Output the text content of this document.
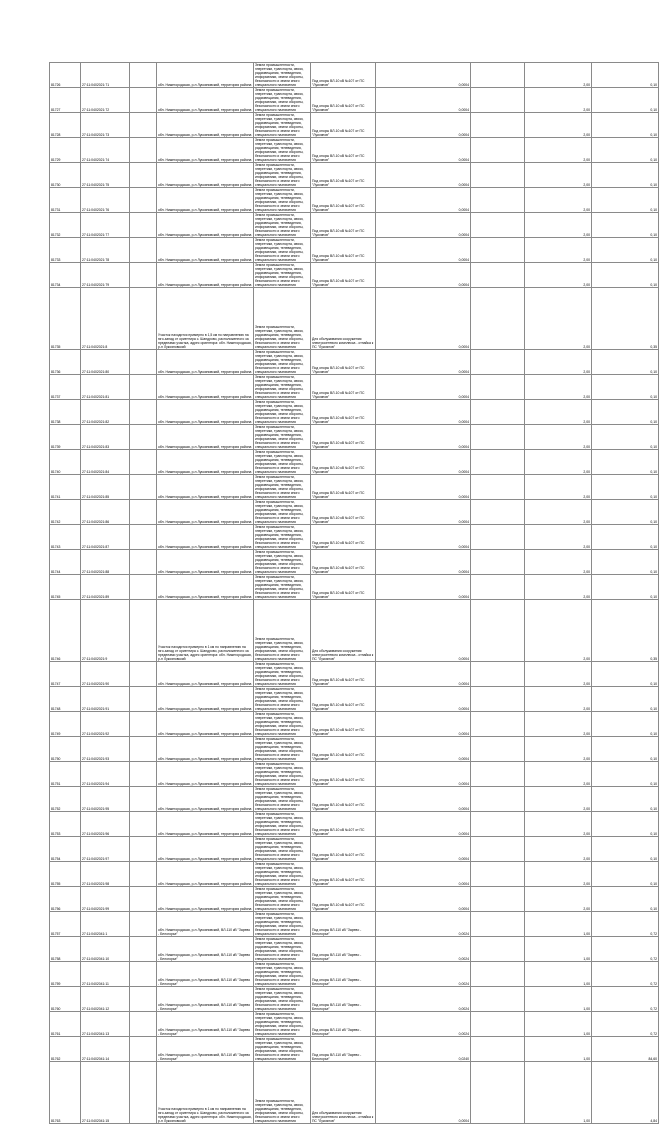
81726	27:11:0402021:71		обл. Нижегородская, р-н Лукояновский, территория района	Земли промышленности, энергетики, транспорта, связи, радиовещания, телевидения, информатики, земли обороны, безопасности и земли иного специального назначения	Под опоры ВЛ-10 кВ №107 от ПС "Лукоянов"	0,0004		2,00	0,10
81727	27:11:0402021:72		обл. Нижегородская, р-н Лукояновский, территория района	Земли промышленности, энергетики, транспорта, связи, радиовещания, телевидения, информатики, земли обороны, безопасности и земли иного специального назначения	Под опоры ВЛ-10 кВ №107 от ПС "Лукоянов"	0,0004		2,00	0,10
81728	27:11:0402021:73		обл. Нижегородская, р-н Лукояновский, территория района	Земли промышленности, энергетики, транспорта, связи, радиовещания, телевидения, информатики, земли обороны, безопасности и земли иного специального назначения	Под опоры ВЛ-10 кВ №107 от ПС "Лукоянов"	0,0004		2,00	0,10
81729	27:11:0402021:74		обл. Нижегородская, р-н Лукояновский, территория района	Земли промышленности, энергетики, транспорта, связи, радиовещания, телевидения, информатики, земли обороны, безопасности и земли иного специального назначения	Под опоры ВЛ-10 кВ №107 от ПС "Лукоянов"	0,0004		2,00	0,10
81730	27:11:0402021:75		обл. Нижегородская, р-н Лукояновский, территория района	Земли промышленности, энергетики, транспорта, связи, радиовещания, телевидения, информатики, земли обороны, безопасности и земли иного специального назначения	Под опоры ВЛ-10 кВ №107 от ПС "Лукоянов"	0,0004		2,00	0,10
81731	27:11:0402021:76		обл. Нижегородская, р-н Лукояновский, территория района	Земли промышленности, энергетики, транспорта, связи, радиовещания, телевидения, информатики, земли обороны, безопасности и земли иного специального назначения	Под опоры ВЛ-10 кВ №107 от ПС "Лукоянов"	0,0004		2,00	0,10
81732	27:11:0402021:77		обл. Нижегородская, р-н Лукояновский, территория района	Земли промышленности, энергетики, транспорта, связи, радиовещания, телевидения, информатики, земли обороны, безопасности и земли иного специального назначения	Под опоры ВЛ-10 кВ №107 от ПС "Лукоянов"	0,0004		2,00	0,10
81733	27:11:0402021:78		обл. Нижегородская, р-н Лукояновский, территория района	Земли промышленности, энергетики, транспорта, связи, радиовещания, телевидения, информатики, земли обороны, безопасности и земли иного специального назначения	Под опоры ВЛ-10 кВ №107 от ПС "Лукоянов"	0,0004		2,00	0,10
81734	27:11:0402021:79		обл. Нижегородская, р-н Лукояновский, территория района	Земли промышленности, энергетики, транспорта, связи, радиовещания, телевидения, информатики, земли обороны, безопасности и земли иного специального назначения	Под опоры ВЛ-10 кВ №107 от ПС "Лукоянов"	0,0004		2,00	0,10
81735	27:11:0402021:8		Участок находится примерно в 1,5 км по направлению на юго-запад от ориентира с. Шандрово, расположенного за пределами участка, адрес ориентира: обл. Нижегородская, р-н Лукояновский	Земли промышленности, энергетики, транспорта, связи, радиовещания, телевидения, информатики, земли обороны, безопасности и земли иного специального назначения	Для обслуживания сооружения электросетевого комплекса - отпайка к ПС "Лукоянов"	0,0004		2,00	0,35
81736	27:11:0402021:80		обл. Нижегородская, р-н Лукояновский, территория района	Земли промышленности, энергетики, транспорта, связи, радиовещания, телевидения, информатики, земли обороны, безопасности и земли иного специального назначения	Под опоры ВЛ-10 кВ №107 от ПС "Лукоянов"	0,0004		2,00	0,10
81737	27:11:0402021:81		обл. Нижегородская, р-н Лукояновский, территория района	Земли промышленности, энергетики, транспорта, связи, радиовещания, телевидения, информатики, земли обороны, безопасности и земли иного специального назначения	Под опоры ВЛ-10 кВ №107 от ПС "Лукоянов"	0,0004		2,00	0,10
81738	27:11:0402021:82		обл. Нижегородская, р-н Лукояновский, территория района	Земли промышленности, энергетики, транспорта, связи, радиовещания, телевидения, информатики, земли обороны, безопасности и земли иного специального назначения	Под опоры ВЛ-10 кВ №107 от ПС "Лукоянов"	0,0004		2,00	0,10
81739	27:11:0402021:83		обл. Нижегородская, р-н Лукояновский, территория района	Земли промышленности, энергетики, транспорта, связи, радиовещания, телевидения, информатики, земли обороны, безопасности и земли иного специального назначения	Под опоры ВЛ-10 кВ №107 от ПС "Лукоянов"	0,0004		2,00	0,10
81740	27:11:0402021:84		обл. Нижегородская, р-н Лукояновский, территория района	Земли промышленности, энергетики, транспорта, связи, радиовещания, телевидения, информатики, земли обороны, безопасности и земли иного специального назначения	Под опоры ВЛ-10 кВ №107 от ПС "Лукоянов"	0,0004		2,00	0,10
81741	27:11:0402021:85		обл. Нижегородская, р-н Лукояновский, территория района	Земли промышленности, энергетики, транспорта, связи, радиовещания, телевидения, информатики, земли обороны, безопасности и земли иного специального назначения	Под опоры ВЛ-10 кВ №107 от ПС "Лукоянов"	0,0004		2,00	0,10
81742	27:11:0402021:86		обл. Нижегородская, р-н Лукояновский, территория района	Земли промышленности, энергетики, транспорта, связи, радиовещания, телевидения, информатики, земли обороны, безопасности и земли иного специального назначения	Под опоры ВЛ-10 кВ №107 от ПС "Лукоянов"	0,0004		2,00	0,10
81743	27:11:0402021:87		обл. Нижегородская, р-н Лукояновский, территория района	Земли промышленности, энергетики, транспорта, связи, радиовещания, телевидения, информатики, земли обороны, безопасности и земли иного специального назначения	Под опоры ВЛ-10 кВ №107 от ПС "Лукоянов"	0,0004		2,00	0,10
81744	27:11:0402021:88		обл. Нижегородская, р-н Лукояновский, территория района	Земли промышленности, энергетики, транспорта, связи, радиовещания, телевидения, информатики, земли обороны, безопасности и земли иного специального назначения	Под опоры ВЛ-10 кВ №107 от ПС "Лукоянов"	0,0004		2,00	0,10
81745	27:11:0402021:89		обл. Нижегородская, р-н Лукояновский, территория района	Земли промышленности, энергетики, транспорта, связи, радиовещания, телевидения, информатики, земли обороны, безопасности и земли иного специального назначения	Под опоры ВЛ-10 кВ №107 от ПС "Лукоянов"	0,0004		2,00	0,10
81746	27:11:0402021:9		Участок находится примерно в 1 км по направлению на юго-запад от ориентира с. Шандрово, расположенного за пределами участка, адрес ориентира: обл. Нижегородская, р-н Лукояновский	Земли промышленности, энергетики, транспорта, связи, радиовещания, телевидения, информатики, земли обороны, безопасности и земли иного специального назначения	Для обслуживания сооружения электросетевого комплекса - отпайка к ПС "Лукоянов"	0,0004		2,00	0,35
81747	27:11:0402021:90		обл. Нижегородская, р-н Лукояновский, территория района	Земли промышленности, энергетики, транспорта, связи, радиовещания, телевидения, информатики, земли обороны, безопасности и земли иного специального назначения	Под опоры ВЛ-10 кВ №107 от ПС "Лукоянов"	0,0004		2,00	0,10
81748	27:11:0402021:91		обл. Нижегородская, р-н Лукояновский, территория района	Земли промышленности, энергетики, транспорта, связи, радиовещания, телевидения, информатики, земли обороны, безопасности и земли иного специального назначения	Под опоры ВЛ-10 кВ №107 от ПС "Лукоянов"	0,0004		2,00	0,10
81749	27:11:0402021:92		обл. Нижегородская, р-н Лукояновский, территория района	Земли промышленности, энергетики, транспорта, связи, радиовещания, телевидения, информатики, земли обороны, безопасности и земли иного специального назначения	Под опоры ВЛ-10 кВ №107 от ПС "Лукоянов"	0,0004		2,00	0,10
81750	27:11:0402021:93		обл. Нижегородская, р-н Лукояновский, территория района	Земли промышленности, энергетики, транспорта, связи, радиовещания, телевидения, информатики, земли обороны, безопасности и земли иного специального назначения	Под опоры ВЛ-10 кВ №107 от ПС "Лукоянов"	0,0004		2,00	0,10
81751	27:11:0402021:94		обл. Нижегородская, р-н Лукояновский, территория района	Земли промышленности, энергетики, транспорта, связи, радиовещания, телевидения, информатики, земли обороны, безопасности и земли иного специального назначения	Под опоры ВЛ-10 кВ №107 от ПС "Лукоянов"	0,0004		2,00	0,10
81752	27:11:0402021:95		обл. Нижегородская, р-н Лукояновский, территория района	Земли промышленности, энергетики, транспорта, связи, радиовещания, телевидения, информатики, земли обороны, безопасности и земли иного специального назначения	Под опоры ВЛ-10 кВ №107 от ПС "Лукоянов"	0,0004		2,00	0,10
81753	27:11:0402021:96		обл. Нижегородская, р-н Лукояновский, территория района	Земли промышленности, энергетики, транспорта, связи, радиовещания, телевидения, информатики, земли обороны, безопасности и земли иного специального назначения	Под опоры ВЛ-10 кВ №107 от ПС "Лукоянов"	0,0004		2,00	0,10
81754	27:11:0402021:97		обл. Нижегородская, р-н Лукояновский, территория района	Земли промышленности, энергетики, транспорта, связи, радиовещания, телевидения, информатики, земли обороны, безопасности и земли иного специального назначения	Под опоры ВЛ-10 кВ №107 от ПС "Лукоянов"	0,0004		2,00	0,10
81755	27:11:0402021:98		обл. Нижегородская, р-н Лукояновский, территория района	Земли промышленности, энергетики, транспорта, связи, радиовещания, телевидения, информатики, земли обороны, безопасности и земли иного специального назначения	Под опоры ВЛ-10 кВ №107 от ПС "Лукоянов"	0,0004		2,00	0,10
81756	27:11:0402021:99		обл. Нижегородская, р-н Лукояновский, территория района	Земли промышленности, энергетики, транспорта, связи, радиовещания, телевидения, информатики, земли обороны, безопасности и земли иного специального назначения	Под опоры ВЛ-10 кВ №107 от ПС "Лукоянов"	0,0004		2,00	0,10
81757	27:11:0402041:1		обл. Нижегородская, р-н Лукояновский, ВЛ-110 кВ "Зарево - Белогорье"	Земли промышленности, энергетики, транспорта, связи, радиовещания, телевидения, информатики, земли обороны, безопасности и земли иного специального назначения	Под опоры ВЛ-110 кВ "Зарево - Белогорье"	0,0024		1,00	0,72
81758	27:11:0402041:10		обл. Нижегородская, р-н Лукояновский, ВЛ-110 кВ "Зарево - Белогорье"	Земли промышленности, энергетики, транспорта, связи, радиовещания, телевидения, информатики, земли обороны, безопасности и земли иного специального назначения	Под опоры ВЛ-110 кВ "Зарево - Белогорье"	0,0024		1,00	0,72
81759	27:11:0402041:11		обл. Нижегородская, р-н Лукояновский, ВЛ-110 кВ "Зарево - Белогорье"	Земли промышленности, энергетики, транспорта, связи, радиовещания, телевидения, информатики, земли обороны, безопасности и земли иного специального назначения	Под опоры ВЛ-110 кВ "Зарево - Белогорье"	0,0024		1,00	0,72
81760	27:11:0402041:12		обл. Нижегородская, р-н Лукояновский, ВЛ-110 кВ "Зарево - Белогорье"	Земли промышленности, энергетики, транспорта, связи, радиовещания, телевидения, информатики, земли обороны, безопасности и земли иного специального назначения	Под опоры ВЛ-110 кВ "Зарево - Белогорье"	0,0024		1,00	0,72
81761	27:11:0402041:13		обл. Нижегородская, р-н Лукояновский, ВЛ-110 кВ "Зарево - Белогорье"	Земли промышленности, энергетики, транспорта, связи, радиовещания, телевидения, информатики, земли обороны, безопасности и земли иного специального назначения	Под опоры ВЛ-110 кВ "Зарево - Белогорье"	0,0024		1,00	0,72
81762	27:11:0402041:14		обл. Нижегородская, р-н Лукояновский, ВЛ-110 кВ "Зарево - Белогорье"	Земли промышленности, энергетики, транспорта, связи, радиовещания, телевидения, информатики, земли обороны, безопасности и земли иного специального назначения	Под опоры ВЛ-110 кВ "Зарево - Белогорье"	0,0240		1,00	84,60
81763	27:11:0402041:15		Участок находится примерно в 1 км по направлению на юго-запад от ориентира с. Шандрово, расположенного за пределами участка, адрес ориентира: обл. Нижегородская, р-н Лукояновский	Земли промышленности, энергетики, транспорта, связи, радиовещания, телевидения, информатики, земли обороны, безопасности и земли иного специального назначения	Для обслуживания сооружения электросетевого комплекса - отпайка к ПС "Лукоянов"	0,0004		1,00	4,84
